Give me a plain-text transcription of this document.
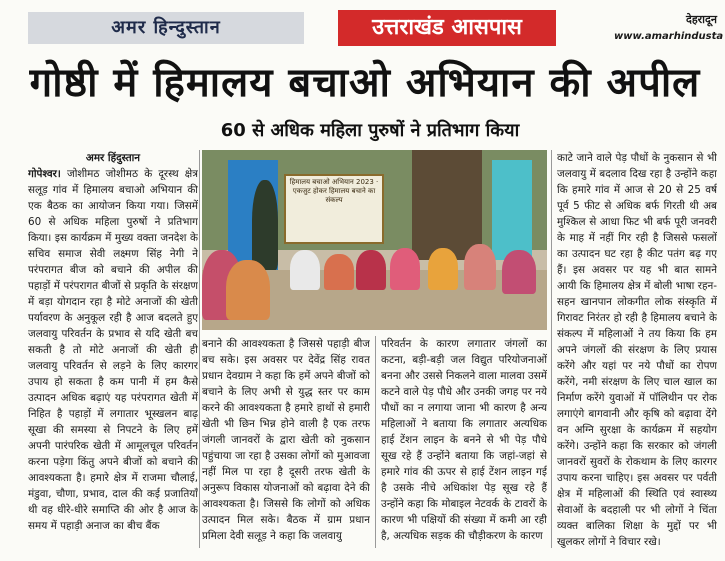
अमर हिन्दुस्तान	उत्तराखंड आसपास	देहरादून
www.amarhindusta
गोष्ठी में हिमालय बचाओ अभियान की अपील
60 से अधिक महिला पुरुषों ने प्रतिभाग किया
अमर हिंदुस्तान
गोपेश्वर। जोशीमठ जोशीमठ के दूरस्थ क्षेत्र सलूड़ गांव में हिमालय बचाओ अभियान की एक बैठक का आयोजन किया गया। जिसमें 60 से अधिक महिला पुरुषों ने प्रतिभाग किया। इस कार्यक्रम में मुख्य वक्ता जनदेश के सचिव समाज सेवी लक्ष्मण सिंह नेगी ने परंपरागत बीज को बचाने की अपील की पहाड़ों में परंपरागत बीजों से प्रकृति के संरक्षण में बड़ा योगदान रहा है मोटे अनाजों की खेती पर्यावरण के अनुकूल रही है आज बदलते हुए जलवायु परिवर्तन के प्रभाव से यदि खेती बच सकती है तो मोटे अनाजों की खेती ही जलवायु परिवर्तन से लड़ने के लिए कारगर उपाय हो सकता है कम पानी में हम कैसे उत्पादन अधिक बढ़ाएं यह परंपरागत खेती में निहित है पहाड़ों में लगातार भूस्खलन बाढ़ सूखा की समस्या से निपटने के लिए हमें अपनी पारंपरिक खेती में आमूलचूल परिवर्तन करना पड़ेगा किंतु अपने बीजों को बचाने की आवश्यकता है। हमारे क्षेत्र में राजमा चौलाई, मंडुवा, चौणा, प्रभाव, दाल की कई प्रजातियाँ थी वह धीरे-धीरे समाप्ति की ओर है आज के समय में पहाड़ी अनाज का बीच बैंक
हिमालय बचाओ अभियान 2023 · एकजुट होकर हिमालय बचाने का संकल्प
बनाने की आवश्यकता है जिससे पहाड़ी बीज बच सके। इस अवसर पर देवेंद्र सिंह रावत प्रधान देवग्राम ने कहा कि हमें अपने बीजों को बचाने के लिए अभी से युद्ध स्तर पर काम करने की आवश्यकता है हमारे हाथों से हमारी खेती भी छिन भिन्न होने वाली है एक तरफ जंगली जानवरों के द्वारा खेती को नुकसान पहुंचाया जा रहा है उसका लोगों को मुआवजा नहीं मिल पा रहा है दूसरी तरफ खेती के अनुरूप विकास योजनाओं को बढ़ावा देने की आवश्यकता है। जिससे कि लोगों को अधिक उत्पादन मिल सके। बैठक में ग्राम प्रधान प्रमिला देवी सलूड़ ने कहा कि जलवायु
परिवर्तन के कारण लगातार जंगलों का कटना, बड़ी-बड़ी जल विद्युत परियोजनाओं बनना और उससे निकलने वाला मालवा उसमें कटने वाले पेड़ पौधे और उनकी जगह पर नये पौधों का न लगाया जाना भी कारण है अन्य महिलाओं ने बताया कि लगातार अत्यधिक हाई टेंशन लाइन के बनने से भी पेड़ पौधे सूख रहे हैं उन्होंने बताया कि जहां-जहां से हमारे गांव की ऊपर से हाई टेंशन लाइन गई है उसके नीचे अधिकांश पेड़ सूख रहे हैं उन्होंने कहा कि मोबाइल नेटवर्क के टावरों के कारण भी पक्षियों की संख्या में कमी आ रही है, अत्यधिक सड़क की चौड़ीकरण के कारण
काटे जाने वाले पेड़ पौधों के नुकसान से भी जलवायु में बदलाव दिख रहा है उन्होंने कहा कि हमारे गांव में आज से 20 से 25 वर्ष पूर्व 5 फीट से अधिक बर्फ गिरती थी अब मुश्किल से आधा फिट भी बर्फ पूरी जनवरी के माह में नहीं गिर रही है जिससे फसलों का उत्पादन घट रहा है कीट पतंग बढ़ गए हैं। इस अवसर पर यह भी बात सामने आयी कि हिमालय क्षेत्र में बोली भाषा रहन-सहन खानपान लोकगीत लोक संस्कृति में गिरावट निरंतर हो रही है हिमालय बचाने के संकल्प में महिलाओं ने तय किया कि हम अपने जंगलों की संरक्षण के लिए प्रयास करेंगे और यहां पर नये पौधों का रोपण करेंगे, नमी संरक्षण के लिए चाल खाल का निर्माण करेंगे युवाओं में पॉलिथीन पर रोक लगाएंगे बागवानी और कृषि को बढ़ावा देंगे वन अग्नि सुरक्षा के कार्यक्रम में सहयोग करेंगे। उन्होंने कहा कि सरकार को जंगली जानवरों सुवरों के रोकथाम के लिए कारगर उपाय करना चाहिए। इस अवसर पर पर्वती क्षेत्र में महिलाओं की स्थिति एवं स्वास्थ्य सेवाओं के बदहाली पर भी लोगों ने चिंता व्यक्त बालिका शिक्षा के मुद्दों पर भी खुलकर लोगों ने विचार रखे।
